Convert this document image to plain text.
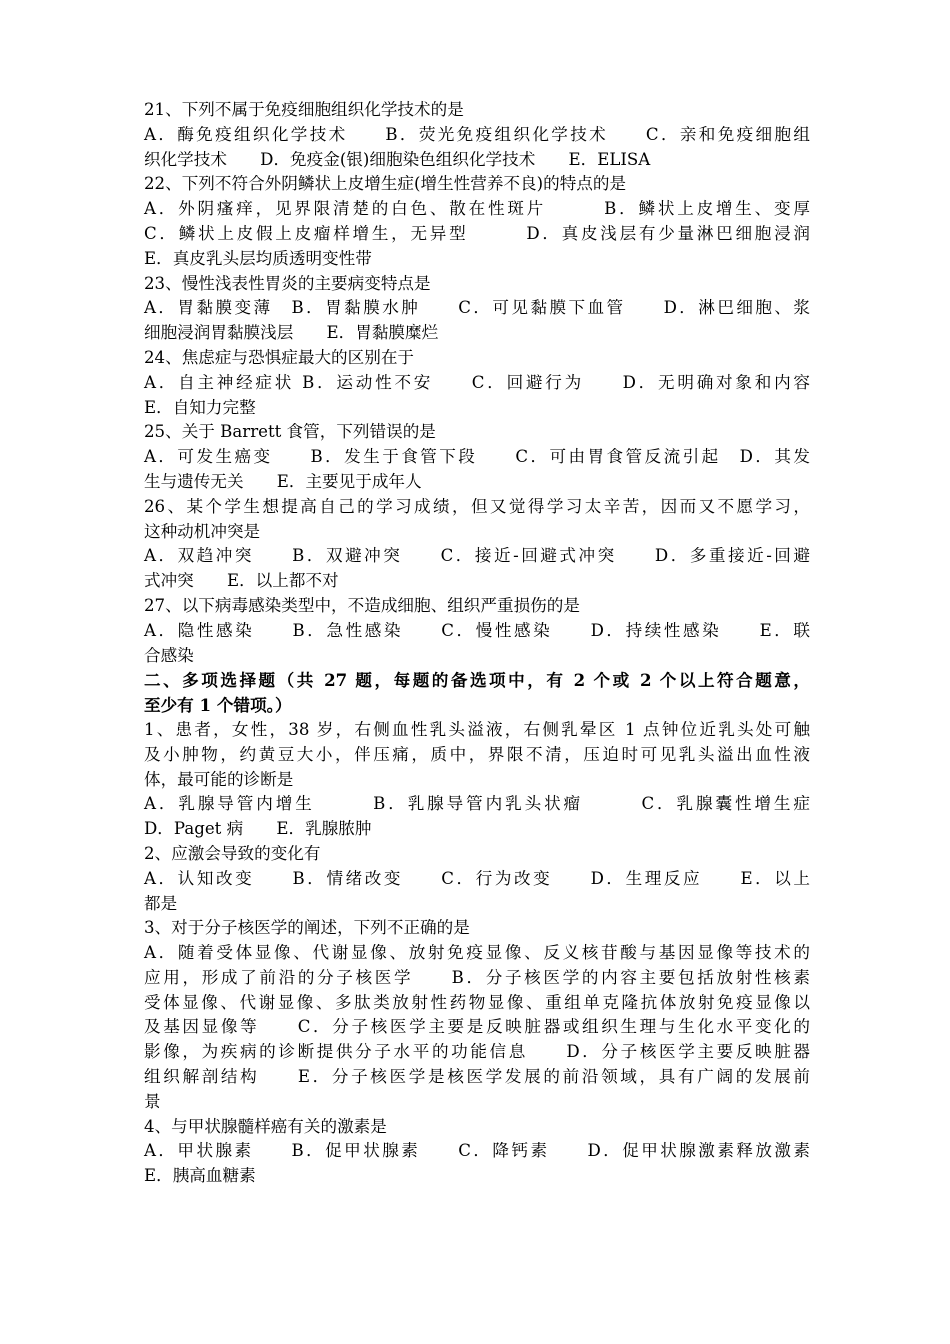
21、下列不属于免疫细胞组织化学技术的是
A．酶免疫组织化学技术　　B．荧光免疫组织化学技术　　C．亲和免疫细胞组
织化学技术　　D．免疫金(银)细胞染色组织化学技术　　E．ELISA
22、下列不符合外阴鳞状上皮增生症(增生性营养不良)的特点的是
A．外阴瘙痒，见界限清楚的白色、散在性斑片　　　B．鳞状上皮增生、变厚
C．鳞状上皮假上皮瘤样增生，无异型　　　D．真皮浅层有少量淋巴细胞浸润
E．真皮乳头层均质透明变性带
23、慢性浅表性胃炎的主要病变特点是
A．胃黏膜变薄　B．胃黏膜水肿　　C．可见黏膜下血管　　D．淋巴细胞、浆
细胞浸润胃黏膜浅层　　E．胃黏膜糜烂
24、焦虑症与恐惧症最大的区别在于
A．自主神经症状 B．运动性不安　　C．回避行为　　D．无明确对象和内容
E．自知力完整
25、关于 Barrett 食管，下列错误的是
A．可发生癌变　　B．发生于食管下段　　C．可由胃食管反流引起　D．其发
生与遗传无关　　E．主要见于成年人
26、某个学生想提高自己的学习成绩，但又觉得学习太辛苦，因而又不愿学习，
这种动机冲突是
A．双趋冲突　　B．双避冲突　　C．接近-回避式冲突　　D．多重接近-回避
式冲突　　E．以上都不对
27、以下病毒感染类型中，不造成细胞、组织严重损伤的是
A．隐性感染　　B．急性感染　　C．慢性感染　　D．持续性感染　　E．联
合感染
二、多项选择题（共 27 题，每题的备选项中，有 2 个或 2 个以上符合题意，
至少有 1 个错项。）
1、患者，女性，38 岁，右侧血性乳头溢液，右侧乳晕区 1 点钟位近乳头处可触
及小肿物，约黄豆大小，伴压痛，质中，界限不清，压迫时可见乳头溢出血性液
体，最可能的诊断是
A．乳腺导管内增生　　　B．乳腺导管内乳头状瘤　　　C．乳腺囊性增生症
D．Paget 病　　E．乳腺脓肿
2、应激会导致的变化有
A．认知改变　　B．情绪改变　　C．行为改变　　D．生理反应　　E．以上
都是
3、对于分子核医学的阐述，下列不正确的是
A．随着受体显像、代谢显像、放射免疫显像、反义核苷酸与基因显像等技术的
应用，形成了前沿的分子核医学　　B．分子核医学的内容主要包括放射性核素
受体显像、代谢显像、多肽类放射性药物显像、重组单克隆抗体放射免疫显像以
及基因显像等　　C．分子核医学主要是反映脏器或组织生理与生化水平变化的
影像，为疾病的诊断提供分子水平的功能信息　　D．分子核医学主要反映脏器
组织解剖结构　　E．分子核医学是核医学发展的前沿领域，具有广阔的发展前
景
4、与甲状腺髓样癌有关的激素是
A．甲状腺素　　B．促甲状腺素　　C．降钙素　　D．促甲状腺激素释放激素
E．胰高血糖素
